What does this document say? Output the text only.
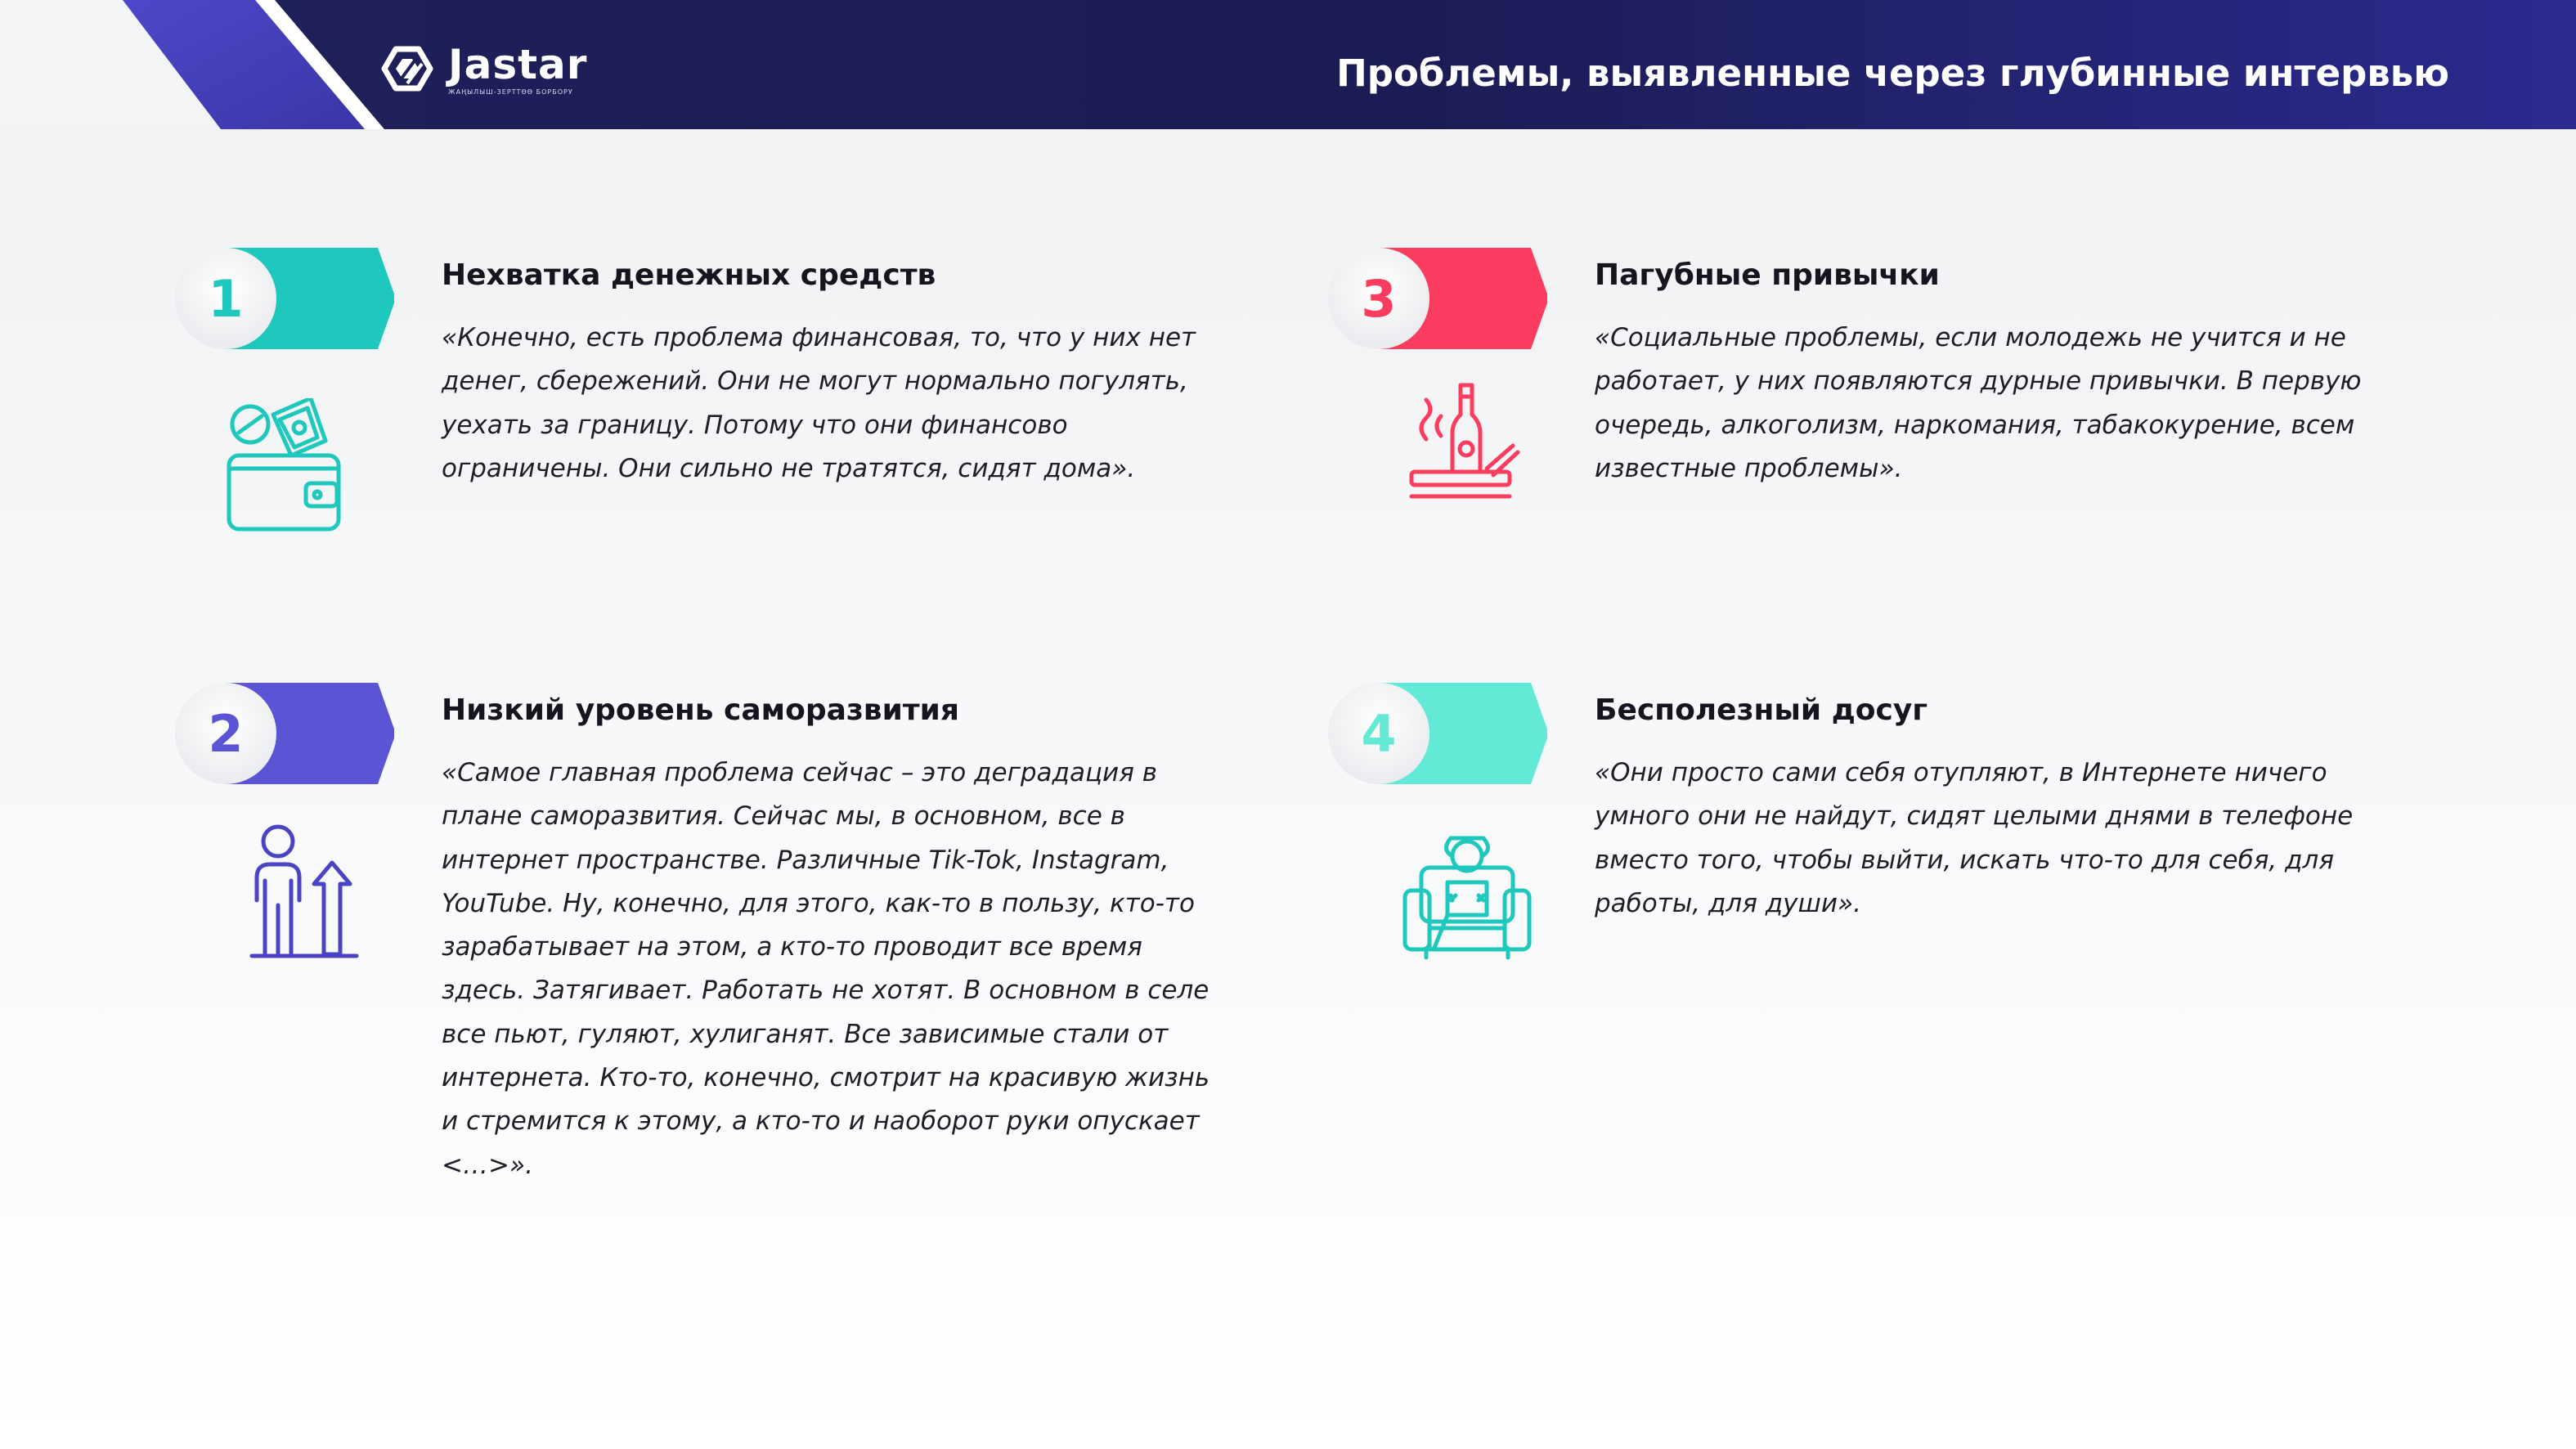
Jastar
ЖАҢЫЛЫШ-ЗЕРТТӨӨ БОРБОРУ	Проблемы, выявленные через глубинные интервью
1	Нехватка денежных средств
«Конечно, есть проблема финансовая, то, что у них нет денег, сбережений. Они не могут нормально погулять, уехать за границу. Потому что они финансово ограничены. Они сильно не тратятся, сидят дома».
2	Низкий уровень саморазвития
«Самое главная проблема сейчас – это деградация в плане саморазвития. Сейчас мы, в основном, все в интернет пространстве. Различные Tik-Tok, Instagram, YouTube. Ну, конечно, для этого, как-то в пользу, кто-то зарабатывает на этом, а кто-то проводит все время здесь. Затягивает. Работать не хотят. В основном в селе все пьют, гуляют, хулиганят. Все зависимые стали от интернета. Кто-то, конечно, смотрит на красивую жизнь и стремится к этому, а кто-то и наоборот руки опускает <…>».
3	Пагубные привычки
«Социальные проблемы, если молодежь не учится и не работает, у них появляются дурные привычки. В первую очередь, алкоголизм, наркомания, табакокурение, всем известные проблемы».
4	Бесполезный досуг
«Они просто сами себя отупляют, в Интернете ничего умного они не найдут, сидят целыми днями в телефоне вместо того, чтобы выйти, искать что-то для себя, для работы, для души».
